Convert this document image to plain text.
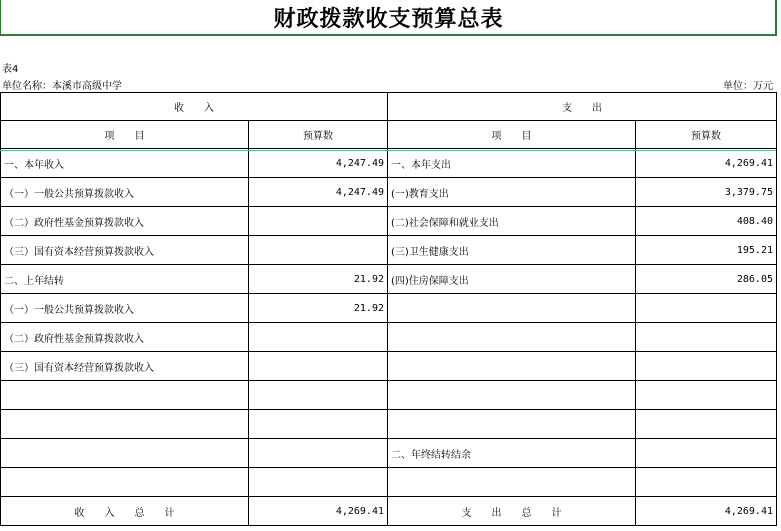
财政拨款收支预算总表
表4
单位名称：本溪市高级中学	单位：万元
收　　入		支　　出	
项　　目	预算数	项　　目	预算数
一、本年收入	4,247.49	一、本年支出	4,269.41
（一）一般公共预算拨款收入	4,247.49	(一)教育支出	3,379.75
（二）政府性基金预算拨款收入		(二)社会保障和就业支出	408.40
（三）国有资本经营预算拨款收入		(三)卫生健康支出	195.21
二、上年结转	21.92	(四)住房保障支出	286.05
（一）一般公共预算拨款收入	21.92		
（二）政府性基金预算拨款收入			
（三）国有资本经营预算拨款收入			

		二、年终结转结余	

收　　入　　总　　计	4,269.41	支　　出　　总　　计	4,269.41
